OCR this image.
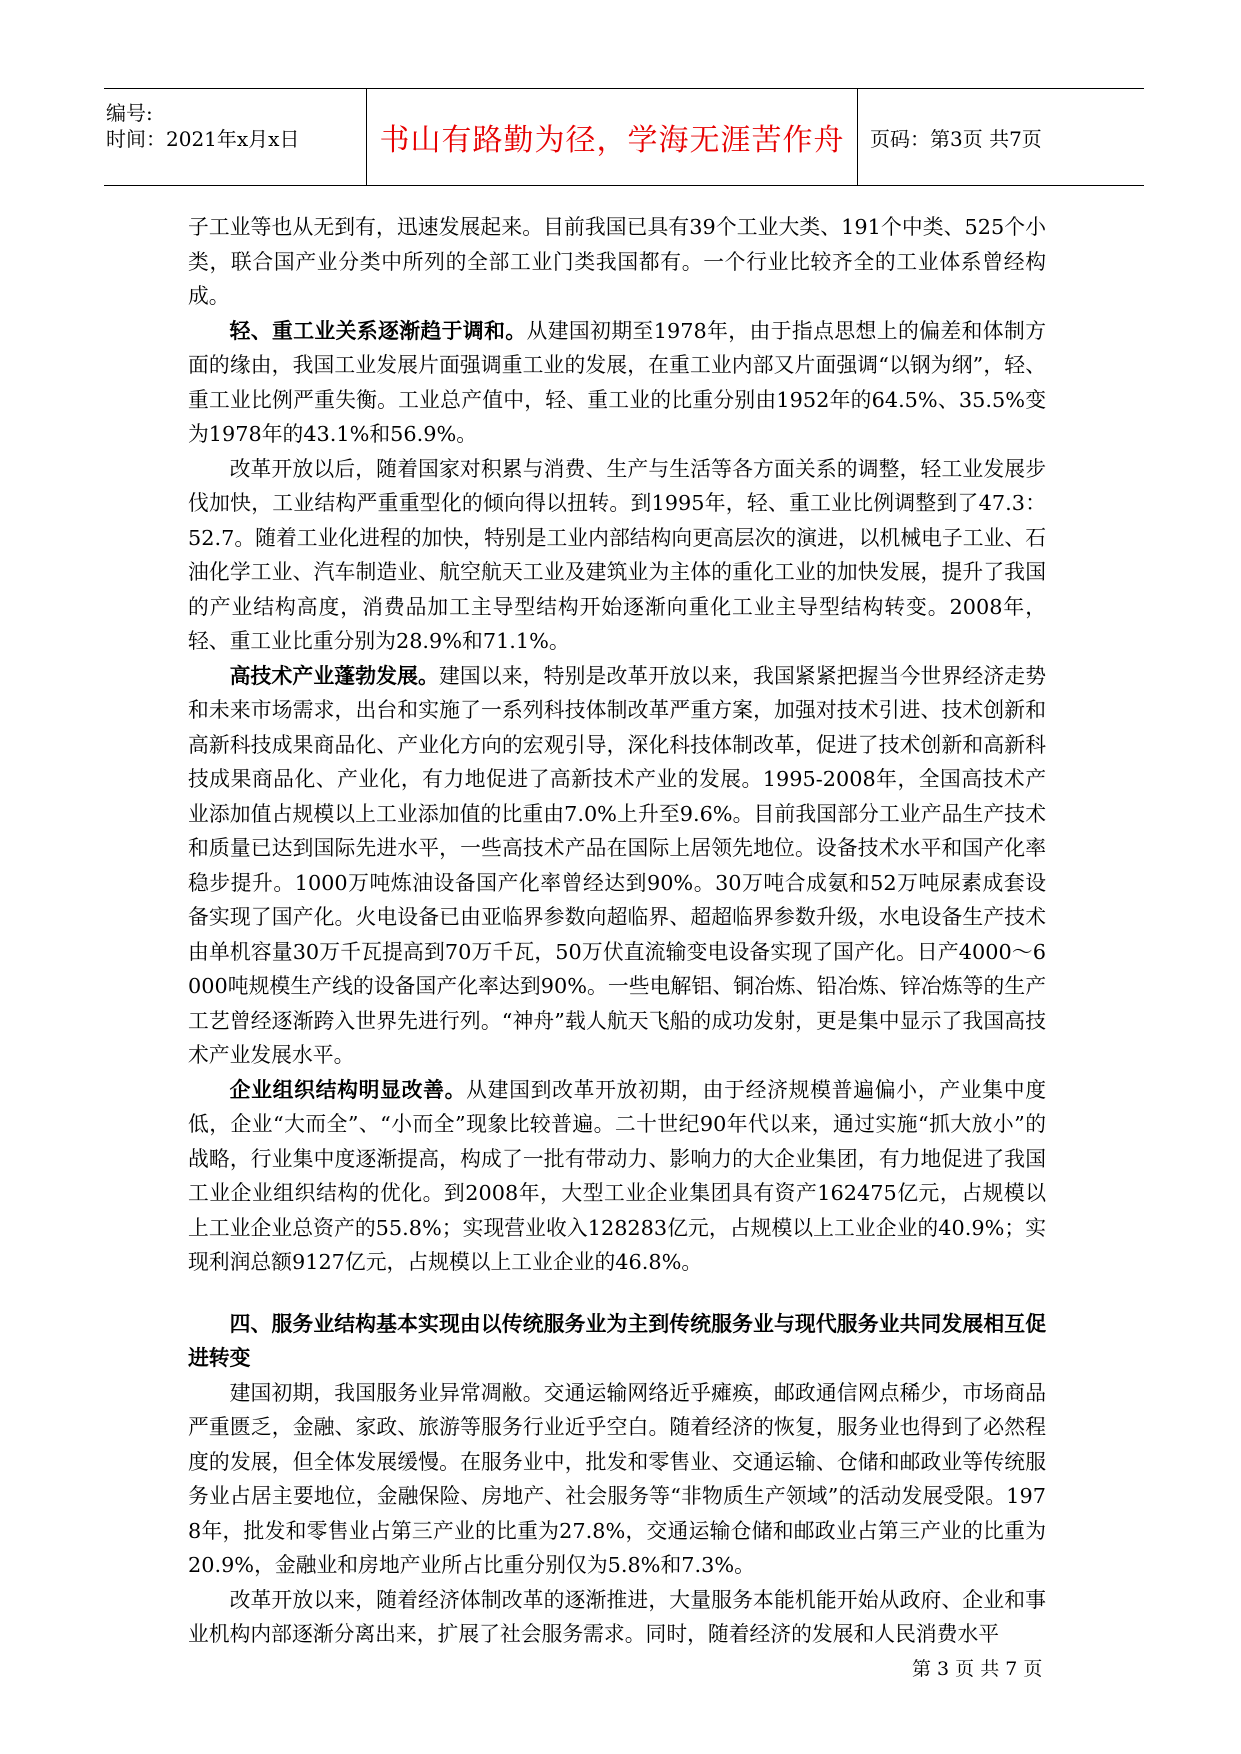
编号:
时间：2021年x月x日	书山有路勤为径，学海无涯苦作舟	页码：第3页 共7页

子工业等也从无到有，迅速发展起来。目前我国已具有39个工业大类、191个中类、525个小类，联合国产业分类中所列的全部工业门类我国都有。一个行业比较齐全的工业体系曾经构成。

轻、重工业关系逐渐趋于调和。从建国初期至1978年，由于指点思想上的偏差和体制方面的缘由，我国工业发展片面强调重工业的发展，在重工业内部又片面强调“以钢为纲”，轻、重工业比例严重失衡。工业总产值中，轻、重工业的比重分别由1952年的64.5%、35.5%变为1978年的43.1%和56.9%。

改革开放以后，随着国家对积累与消费、生产与生活等各方面关系的调整，轻工业发展步伐加快，工业结构严重重型化的倾向得以扭转。到1995年，轻、重工业比例调整到了47.3：52.7。随着工业化进程的加快，特别是工业内部结构向更高层次的演进，以机械电子工业、石油化学工业、汽车制造业、航空航天工业及建筑业为主体的重化工业的加快发展，提升了我国的产业结构高度，消费品加工主导型结构开始逐渐向重化工业主导型结构转变。2008年，轻、重工业比重分别为28.9%和71.1%。

高技术产业蓬勃发展。建国以来，特别是改革开放以来，我国紧紧把握当今世界经济走势和未来市场需求，出台和实施了一系列科技体制改革严重方案，加强对技术引进、技术创新和高新科技成果商品化、产业化方向的宏观引导，深化科技体制改革，促进了技术创新和高新科技成果商品化、产业化，有力地促进了高新技术产业的发展。1995-2008年，全国高技术产业添加值占规模以上工业添加值的比重由7.0%上升至9.6%。目前我国部分工业产品生产技术和质量已达到国际先进水平，一些高技术产品在国际上居领先地位。设备技术水平和国产化率稳步提升。1000万吨炼油设备国产化率曾经达到90%。30万吨合成氨和52万吨尿素成套设备实现了国产化。火电设备已由亚临界参数向超临界、超超临界参数升级，水电设备生产技术由单机容量30万千瓦提高到70万千瓦，50万伏直流输变电设备实现了国产化。日产4000～6000吨规模生产线的设备国产化率达到90%。一些电解铝、铜冶炼、铅冶炼、锌冶炼等的生产工艺曾经逐渐跨入世界先进行列。“神舟”载人航天飞船的成功发射，更是集中显示了我国高技术产业发展水平。

企业组织结构明显改善。从建国到改革开放初期，由于经济规模普遍偏小，产业集中度低，企业“大而全”、“小而全”现象比较普遍。二十世纪90年代以来，通过实施“抓大放小”的战略，行业集中度逐渐提高，构成了一批有带动力、影响力的大企业集团，有力地促进了我国工业企业组织结构的优化。到2008年，大型工业企业集团具有资产162475亿元，占规模以上工业企业总资产的55.8%；实现营业收入128283亿元，占规模以上工业企业的40.9%；实现利润总额9127亿元，占规模以上工业企业的46.8%。

四、服务业结构基本实现由以传统服务业为主到传统服务业与现代服务业共同发展相互促进转变

建国初期，我国服务业异常凋敝。交通运输网络近乎瘫痪，邮政通信网点稀少，市场商品严重匮乏，金融、家政、旅游等服务行业近乎空白。随着经济的恢复，服务业也得到了必然程度的发展，但全体发展缓慢。在服务业中，批发和零售业、交通运输、仓储和邮政业等传统服务业占居主要地位，金融保险、房地产、社会服务等“非物质生产领域”的活动发展受限。1978年，批发和零售业占第三产业的比重为27.8%，交通运输仓储和邮政业占第三产业的比重为20.9%，金融业和房地产业所占比重分别仅为5.8%和7.3%。

改革开放以来，随着经济体制改革的逐渐推进，大量服务本能机能开始从政府、企业和事业机构内部逐渐分离出来，扩展了社会服务需求。同时，随着经济的发展和人民消费水平

第 3 页 共 7 页
